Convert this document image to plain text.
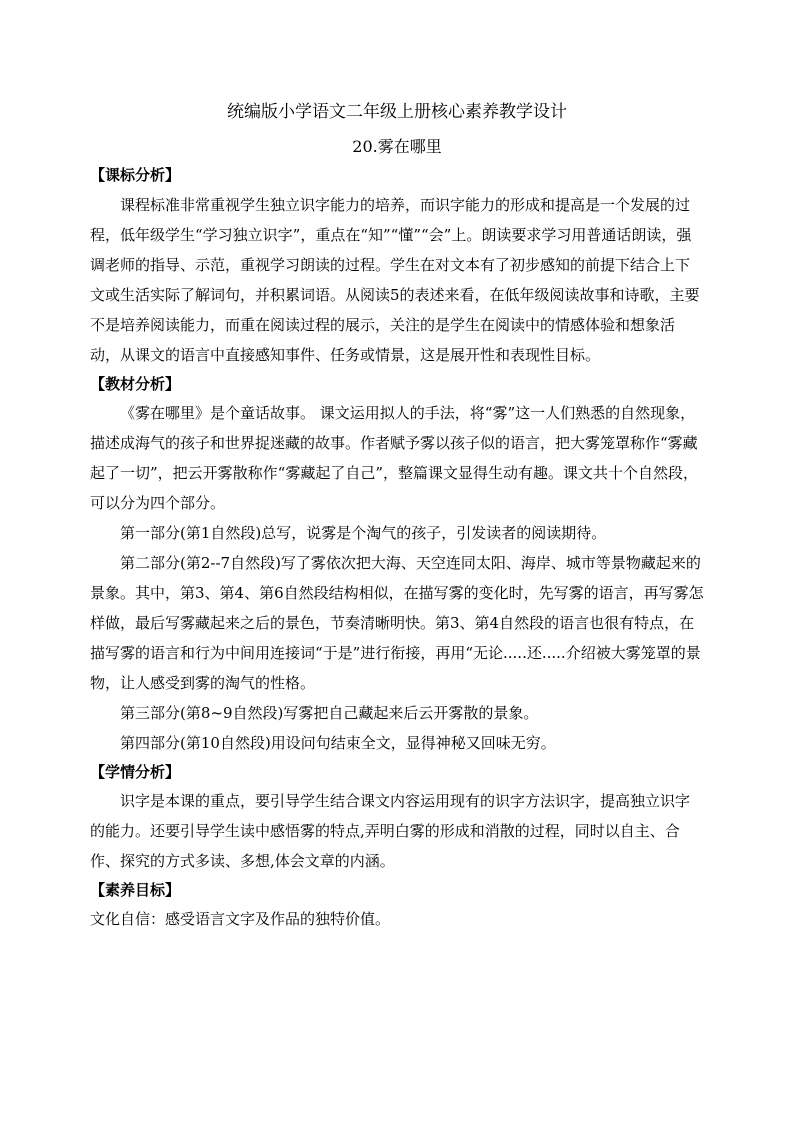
统编版小学语文二年级上册核心素养教学设计
20.雾在哪里
【课标分析】

课程标准非常重视学生独立识字能力的培养，而识字能力的形成和提高是一个发展的过程，低年级学生“学习独立识字”，重点在“知”“懂”“会”上。朗读要求学习用普通话朗读，强调老师的指导、示范，重视学习朗读的过程。学生在对文本有了初步感知的前提下结合上下文或生活实际了解词句，并积累词语。从阅读5的表述来看，在低年级阅读故事和诗歌，主要不是培养阅读能力，而重在阅读过程的展示，关注的是学生在阅读中的情感体验和想象活动，从课文的语言中直接感知事件、任务或情景，这是展开性和表现性目标。

【教材分析】

《雾在哪里》是个童话故事。 课文运用拟人的手法，将“雾”这一人们熟悉的自然现象，描述成海气的孩子和世界捉迷藏的故事。作者赋予雾以孩子似的语言，把大雾笼罩称作“雾藏起了一切”，把云开雾散称作“雾藏起了自己”，整篇课文显得生动有趣。课文共十个自然段，可以分为四个部分。

第一部分(第1自然段)总写，说雾是个淘气的孩子，引发读者的阅读期待。

第二部分(第2--7自然段)写了雾依次把大海、天空连同太阳、海岸、城市等景物藏起来的景象。其中，第3、第4、第6自然段结构相似，在描写雾的变化时，先写雾的语言，再写雾怎样做，最后写雾藏起来之后的景色，节奏清晰明快。第3、第4自然段的语言也很有特点，在描写雾的语言和行为中间用连接词“于是”进行衔接，再用“无论.....还.....介绍被大雾笼罩的景物，让人感受到雾的淘气的性格。

第三部分(第8~9自然段)写雾把自己藏起来后云开雾散的景象。

第四部分(第10自然段)用设问句结束全文，显得神秘又回味无穷。

【学情分析】

识字是本课的重点，要引导学生结合课文内容运用现有的识字方法识字，提高独立识字的能力。还要引导学生读中感悟雾的特点,弄明白雾的形成和消散的过程，同时以自主、合作、探究的方式多读、多想,体会文章的内涵。

【素养目标】

文化自信：感受语言文字及作品的独特价值。
